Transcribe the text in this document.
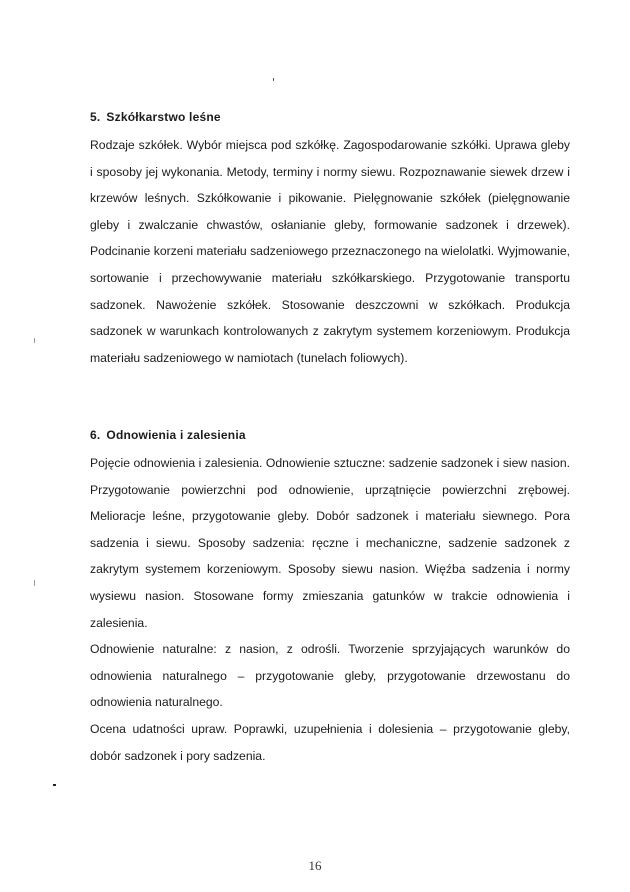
5. Szkółkarstwo leśne

Rodzaje szkółek. Wybór miejsca pod szkółkę. Zagospodarowanie szkółki. Uprawa gleby i sposoby jej wykonania. Metody, terminy i normy siewu. Rozpoznawanie siewek drzew i krzewów leśnych. Szkółkowanie i pikowanie. Pielęgnowanie szkółek (pielęgnowanie gleby i zwalczanie chwastów, osłanianie gleby, formowanie sadzonek i drzewek). Podcinanie korzeni materiału sadzeniowego przeznaczonego na wielolatki. Wyjmowanie, sortowanie i przechowywanie materiału szkółkarskiego. Przygotowanie transportu sadzonek. Nawożenie szkółek. Stosowanie deszczowni w szkółkach. Produkcja sadzonek w warunkach kontrolowanych z zakrytym systemem korzeniowym. Produkcja materiału sadzeniowego w namiotach (tunelach foliowych).

6. Odnowienia i zalesienia

Pojęcie odnowienia i zalesienia. Odnowienie sztuczne: sadzenie sadzonek i siew nasion. Przygotowanie powierzchni pod odnowienie, uprzątnięcie powierzchni zrębowej. Melioracje leśne, przygotowanie gleby. Dobór sadzonek i materiału siewnego. Pora sadzenia i siewu. Sposoby sadzenia: ręczne i mechaniczne, sadzenie sadzonek z zakrytym systemem korzeniowym. Sposoby siewu nasion. Więźba sadzenia i normy wysiewu nasion. Stosowane formy zmieszania gatunków w trakcie odnowienia i zalesienia.

Odnowienie naturalne: z nasion, z odrośli. Tworzenie sprzyjających warunków do odnowienia naturalnego – przygotowanie gleby, przygotowanie drzewostanu do odnowienia naturalnego.

Ocena udatności upraw. Poprawki, uzupełnienia i dolesienia – przygotowanie gleby, dobór sadzonek i pory sadzenia.

16
